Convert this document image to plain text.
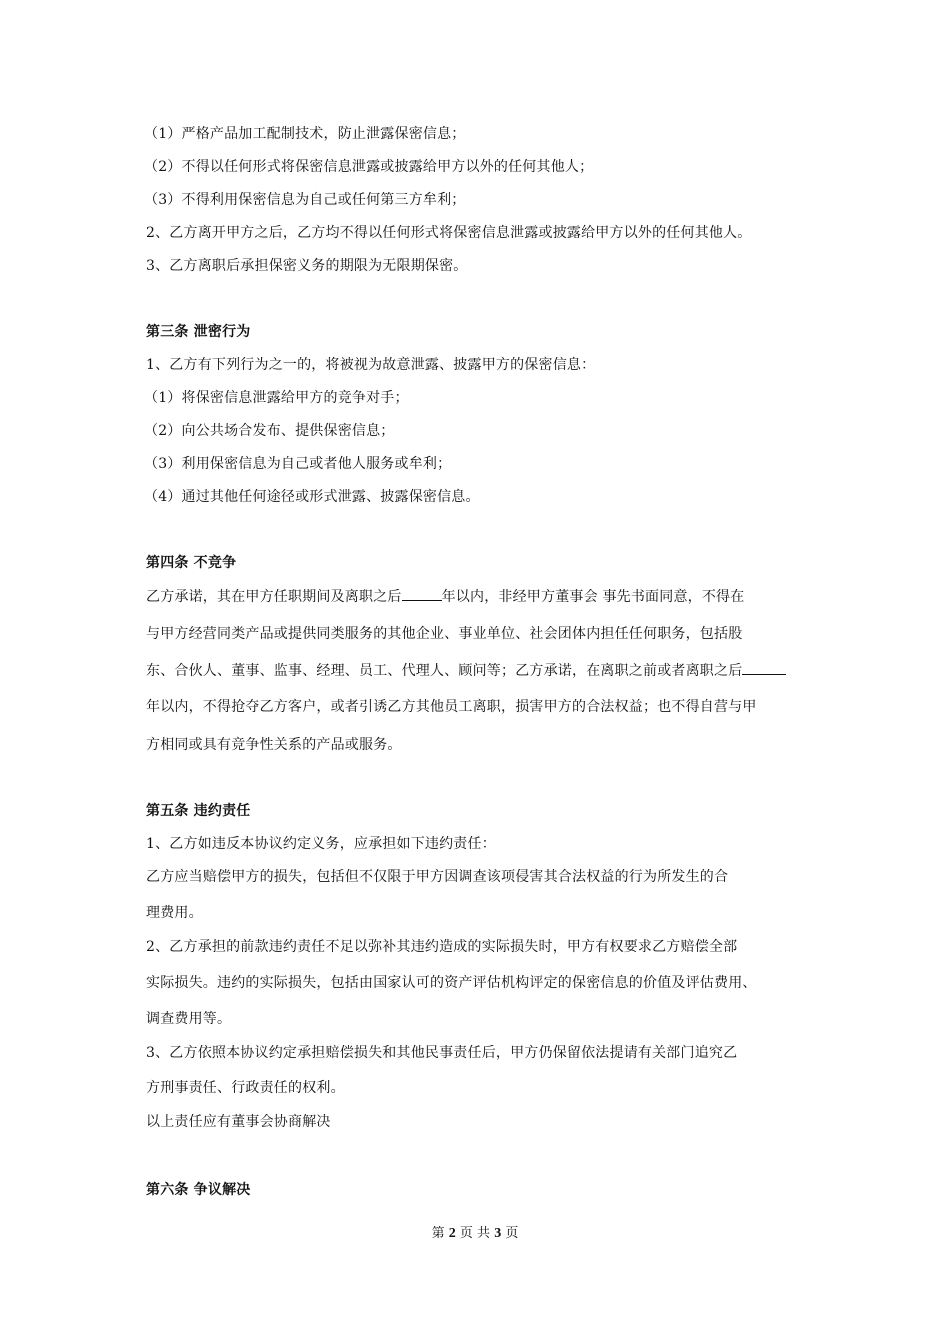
（1）严格产品加工配制技术，防止泄露保密信息；
（2）不得以任何形式将保密信息泄露或披露给甲方以外的任何其他人；
（3）不得利用保密信息为自己或任何第三方牟利；
2、乙方离开甲方之后，乙方均不得以任何形式将保密信息泄露或披露给甲方以外的任何其他人。
3、乙方离职后承担保密义务的期限为无限期保密。
第三条 泄密行为
1、乙方有下列行为之一的，将被视为故意泄露、披露甲方的保密信息：
（1）将保密信息泄露给甲方的竞争对手；
（2）向公共场合发布、提供保密信息；
（3）利用保密信息为自己或者他人服务或牟利；
（4）通过其他任何途径或形式泄露、披露保密信息。
第四条 不竞争
乙方承诺，其在甲方任职期间及离职之后	年以内，非经甲方董事会 事先书面同意，不得在
与甲方经营同类产品或提供同类服务的其他企业、事业单位、社会团体内担任任何职务，包括股
东、合伙人、董事、监事、经理、员工、代理人、顾问等；乙方承诺，在离职之前或者离职之后
年以内，不得抢夺乙方客户，或者引诱乙方其他员工离职，损害甲方的合法权益；也不得自营与甲
方相同或具有竞争性关系的产品或服务。
第五条 违约责任
1、乙方如违反本协议约定义务，应承担如下违约责任：
乙方应当赔偿甲方的损失，包括但不仅限于甲方因调查该项侵害其合法权益的行为所发生的合
理费用。
2、乙方承担的前款违约责任不足以弥补其违约造成的实际损失时，甲方有权要求乙方赔偿全部
实际损失。违约的实际损失，包括由国家认可的资产评估机构评定的保密信息的价值及评估费用、
调查费用等。
3、乙方依照本协议约定承担赔偿损失和其他民事责任后，甲方仍保留依法提请有关部门追究乙
方刑事责任、行政责任的权利。
以上责任应有董事会协商解决
第六条 争议解决
第 2 页 共 3 页
